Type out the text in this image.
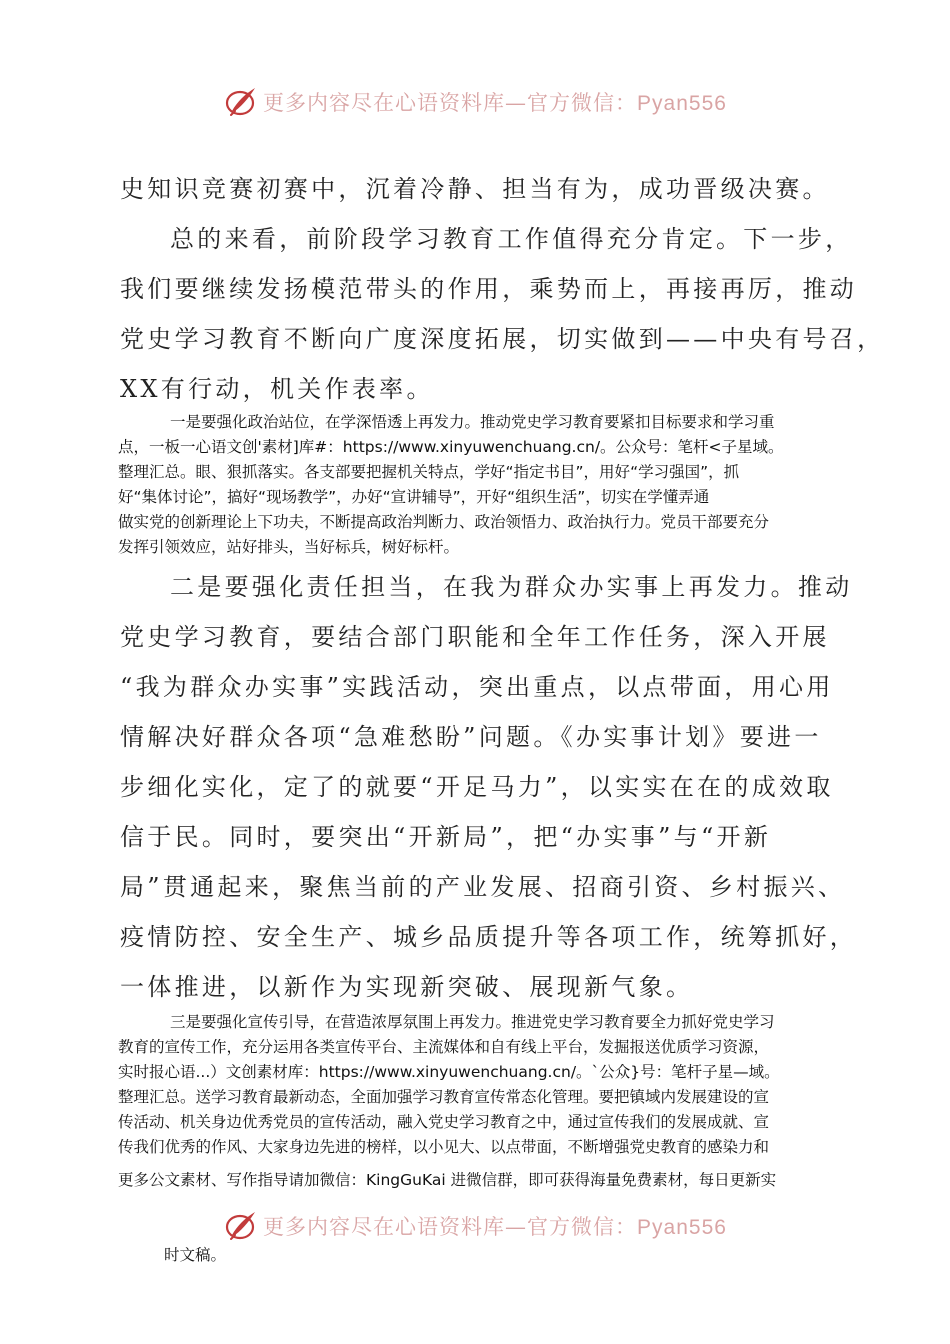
更多内容尽在心语资料库—官方微信：Pyan556
史知识竞赛初赛中，沉着冷静、担当有为，成功晋级决赛。
总的来看，前阶段学习教育工作值得充分肯定。下一步，
我们要继续发扬模范带头的作用，乘势而上，再接再厉，推动
党史学习教育不断向广度深度拓展，切实做到——中央有号召，
XX有行动，机关作表率。
一是要强化政治站位，在学深悟透上再发力。推动党史学习教育要紧扣目标要求和学习重
点，一板一心语文创'素材]库#：https://www.xinyuwenchuang.cn/。公众号：笔杆<子星域。
整理汇总。眼、狠抓落实。各支部要把握机关特点，学好“指定书目”，用好“学习强国”，抓
好“集体讨论”，搞好“现场教学”，办好“宣讲辅导”，开好“组织生活”，切实在学懂弄通
做实党的创新理论上下功夫，不断提高政治判断力、政治领悟力、政治执行力。党员干部要充分
发挥引领效应，站好排头，当好标兵，树好标杆。
二是要强化责任担当，在我为群众办实事上再发力。推动
党史学习教育，要结合部门职能和全年工作任务，深入开展
“我为群众办实事”实践活动，突出重点，以点带面，用心用
情解决好群众各项“急难愁盼”问题。《办实事计划》要进一
步细化实化，定了的就要“开足马力”，以实实在在的成效取
信于民。同时，要突出“开新局”，把“办实事”与“开新
局”贯通起来，聚焦当前的产业发展、招商引资、乡村振兴、
疫情防控、安全生产、城乡品质提升等各项工作，统筹抓好，
一体推进，以新作为实现新突破、展现新气象。
三是要强化宣传引导，在营造浓厚氛围上再发力。推进党史学习教育要全力抓好党史学习
教育的宣传工作，充分运用各类宣传平台、主流媒体和自有线上平台，发掘报送优质学习资源，
实时报心语...）文创素材库：https://www.xinyuwenchuang.cn/。`公众}号：笔杆子星—域。
整理汇总。送学习教育最新动态，全面加强学习教育宣传常态化管理。要把镇域内发展建设的宣
传活动、机关身边优秀党员的宣传活动，融入党史学习教育之中，通过宣传我们的发展成就、宣
传我们优秀的作风、大家身边先进的榜样，以小见大、以点带面，不断增强党史教育的感染力和

更多公文素材、写作指导请加微信：KingGuKai 进微信群，即可获得海量免费素材，每日更新实

更多内容尽在心语资料库—官方微信：Pyan556

时文稿。
